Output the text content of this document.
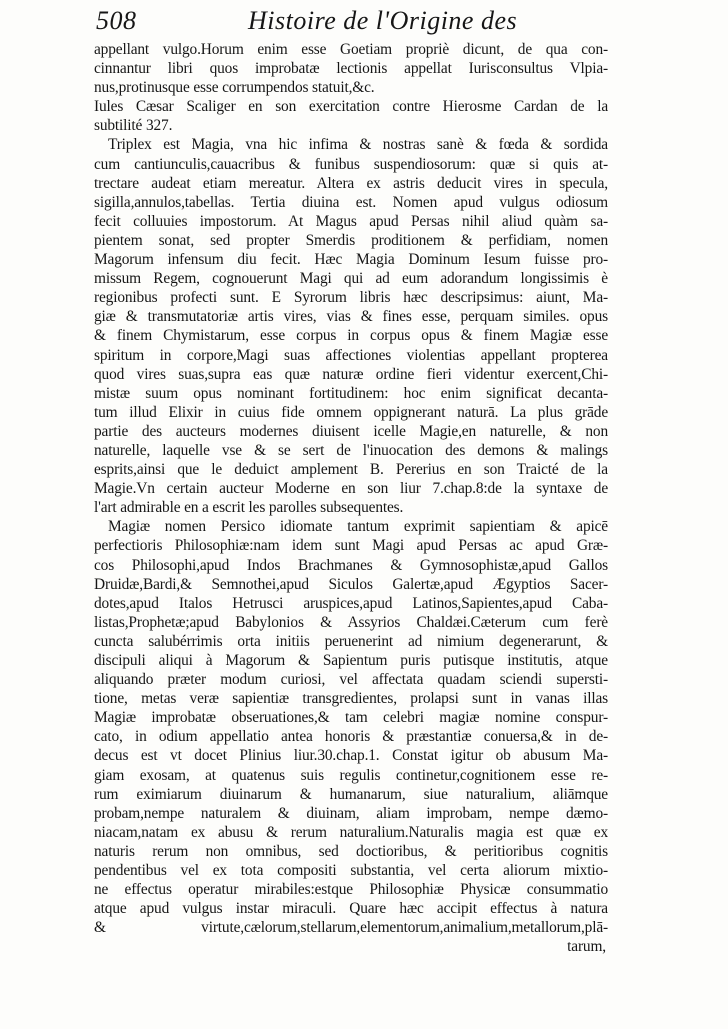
508	Histoire de l'Origine des
appellant vulgo.Horum enim esse Goetiam propriè dicunt, de qua con-
cinnantur libri quos improbatæ lectionis appellat Iurisconsultus Vlpia-
nus,protinusque esse corrumpendos statuit,&c.
Iules Cæsar Scaliger en son exercitation contre Hierosme Cardan de la
subtilité 327.
Triplex est Magia, vna hic infima & nostras sanè & fœda & sordida
cum cantiunculis,cauacribus & funibus suspendiosorum: quæ si quis at-
trectare audeat etiam mereatur. Altera ex astris deducit vires in specula,
sigilla,annulos,tabellas. Tertia diuina est. Nomen apud vulgus odiosum
fecit colluuies impostorum. At Magus apud Persas nihil aliud quàm sa-
pientem sonat, sed propter Smerdis proditionem & perfidiam, nomen
Magorum infensum diu fecit. Hæc Magia Dominum Iesum fuisse pro-
missum Regem, cognouerunt Magi qui ad eum adorandum longissimis è
regionibus profecti sunt. E Syrorum libris hæc descripsimus: aiunt, Ma-
giæ & transmutatoriæ artis vires, vias & fines esse, perquam similes. opus
& finem Chymistarum, esse corpus in corpus opus & finem Magiæ esse
spiritum in corpore,Magi suas affectiones violentias appellant propterea
quod vires suas,supra eas quæ naturæ ordine fieri videntur exercent,Chi-
mistæ suum opus nominant fortitudinem: hoc enim significat decanta-
tum illud Elixir in cuius fide omnem oppignerant naturā. La plus grāde
partie des aucteurs modernes diuisent icelle Magie,en naturelle, & non
naturelle, laquelle vse & se sert de l'inuocation des demons & malings
esprits,ainsi que le deduict amplement B. Pererius en son Traicté de la
Magie.Vn certain aucteur Moderne en son liur 7.chap.8:de la syntaxe de
l'art admirable en a escrit les parolles subsequentes.
Magiæ nomen Persico idiomate tantum exprimit sapientiam & apicē
perfectioris Philosophiæ:nam idem sunt Magi apud Persas ac apud Græ-
cos Philosophi,apud Indos Brachmanes & Gymnosophistæ,apud Gallos
Druidæ,Bardi,& Semnothei,apud Siculos Galertæ,apud Ægyptios Sacer-
dotes,apud Italos Hetrusci aruspices,apud Latinos,Sapientes,apud Caba-
listas,Prophetæ;apud Babylonios & Assyrios Chaldæi.Cæterum cum ferè
cuncta salubérrimis orta initiis peruenerint ad nimium degenerarunt, &
discipuli aliqui à Magorum & Sapientum puris putisque institutis, atque
aliquando præter modum curiosi, vel affectata quadam sciendi supersti-
tione, metas veræ sapientiæ transgredientes, prolapsi sunt in vanas illas
Magiæ improbatæ obseruationes,& tam celebri magiæ nomine conspur-
cato, in odium appellatio antea honoris & præstantiæ conuersa,& in de-
decus est vt docet Plinius liur.30.chap.1. Constat igitur ob abusum Ma-
giam exosam, at quatenus suis regulis continetur,cognitionem esse re-
rum eximiarum diuinarum & humanarum, siue naturalium, aliāmque
probam,nempe naturalem & diuinam, aliam improbam, nempe dæmo-
niacam,natam ex abusu & rerum naturalium.Naturalis magia est quæ ex
naturis rerum non omnibus, sed doctioribus, & peritioribus cognitis
pendentibus vel ex tota compositi substantia, vel certa aliorum mixtio-
ne effectus operatur mirabiles:estque Philosophiæ Physicæ consummatio
atque apud vulgus instar miraculi. Quare hæc accipit effectus à natura
& virtute,cælorum,stellarum,elementorum,animalium,metallorum,plā-
tarum,
